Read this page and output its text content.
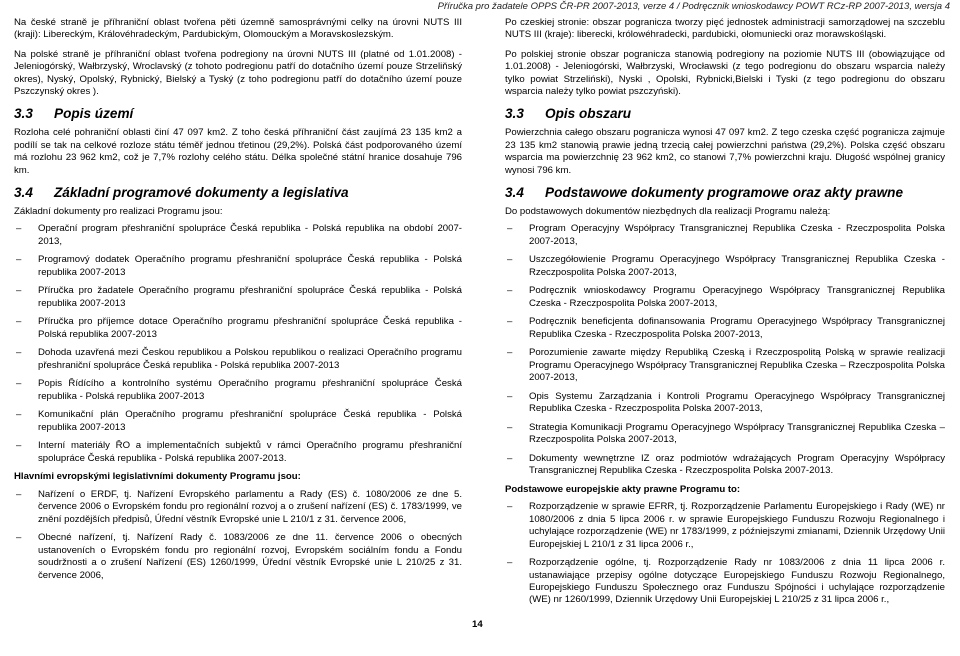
Příručka pro žadatele OPPS ČR-PR 2007-2013, verze 4 / Podręcznik wnioskodawcy POWT RCz-RP 2007-2013, wersja 4

Na české straně je příhraniční oblast tvořena pěti územně samosprávnými celky na úrovni NUTS III (kraji): Libereckým, Královéhradeckým, Pardubickým, Olomouckým a Moravskoslezským.

Na polské straně je příhraniční oblast tvořena podregiony na úrovni NUTS III (platné od 1.01.2008) - Jeleniogórský, Wałbrzyský, Wroclavský (z tohoto podregionu patří do dotačního území pouze Strzeliňský okres), Nyský, Opolský, Rybnický, Bielský a Tyský (z toho podregionu patří do dotačního území pouze Pszczynský okres ).

3.3 Popis území

Rozloha celé pohraniční oblasti činí 47 097 km2. Z toho česká příhraniční část zaujímá 23 135 km2 a podílí se tak na celkové rozloze státu téměř jednou třetinou (29,2%). Polská část podporovaného území má rozlohu 23 962 km2, což je 7,7% rozlohy celého státu. Délka společné státní hranice dosahuje 796 km.

3.4 Základní programové dokumenty a legislativa

Základní dokumenty pro realizaci Programu jsou:

– Operační program přeshraniční spolupráce Česká republika - Polská republika na období 2007-2013,
– Programový dodatek Operačního programu přeshraniční spolupráce Česká republika - Polská republika 2007-2013
– Příručka pro žadatele Operačního programu přeshraniční spolupráce Česká republika - Polská republika 2007-2013
– Příručka pro příjemce dotace Operačního programu přeshraniční spolupráce Česká republika - Polská republika 2007-2013
– Dohoda uzavřená mezi Českou republikou a Polskou republikou o realizaci Operačního programu přeshraniční spolupráce Česká republika - Polská republika 2007-2013
– Popis Řídícího a kontrolního systému Operačního programu přeshraniční spolupráce Česká republika - Polská republika 2007-2013
– Komunikační plán Operačního programu přeshraniční spolupráce Česká republika - Polská republika 2007-2013
– Interní materiály ŘO a implementačních subjektů v rámci Operačního programu přeshraniční spolupráce Česká republika - Polská republika 2007-2013.
Hlavními evropskými legislativními dokumenty Programu jsou:
– Nařízení o ERDF, tj. Nařízení Evropského parlamentu a Rady (ES) č. 1080/2006 ze dne 5. července 2006 o Evropském fondu pro regionální rozvoj a o zrušení nařízení (ES) č. 1783/1999, ve znění pozdějších předpisů, Úřední věstník Evropské unie L 210/1 z 31. července 2006,
– Obecné nařízení, tj. Nařízení Rady č. 1083/2006 ze dne 11. července 2006 o obecných ustanoveních o Evropském fondu pro regionální rozvoj, Evropském sociálním fondu a Fondu soudržnosti a o zrušení Nařízení (ES) 1260/1999, Úřední věstník Evropské unie L 210/25 z 31. července 2006,

Po czeskiej stronie: obszar pogranicza tworzy pięć jednostek administracji samorządowej na szczeblu NUTS III (kraje): liberecki, królowéhradecki, pardubicki, ołomuniecki oraz morawskośląski.

Po polskiej stronie obszar pogranicza stanowią podregiony na poziomie NUTS III (obowiązujące od 1.01.2008) - Jeleniogórski, Wałbrzyski, Wrocławski (z tego podregionu do obszaru wsparcia należy tylko powiat Strzeliński), Nyski , Opolski, Rybnicki,Bielski i Tyski (z tego podregionu do obszaru wsparcia należy tylko powiat pszczyński).

3.3 Opis obszaru

Powierzchnia całego obszaru pogranicza wynosi 47 097 km2. Z tego czeska część pogranicza zajmuje 23 135 km2 stanowią prawie jedną trzecią całej powierzchni państwa (29,2%). Polska część obszaru wsparcia ma powierzchnię 23 962 km2, co stanowi 7,7% powierzchni kraju. Długość wspólnej granicy wynosi 796 km.

3.4 Podstawowe dokumenty programowe oraz akty prawne

Do podstawowych dokumentów niezbędnych dla realizacji Programu należą:

– Program Operacyjny Współpracy Transgranicznej Republika Czeska - Rzeczpospolita Polska 2007-2013,
– Uszczegółowienie Programu Operacyjnego Współpracy Transgranicznej Republika Czeska - Rzeczpospolita Polska 2007-2013,
– Podręcznik wnioskodawcy Programu Operacyjnego Współpracy Transgranicznej Republika Czeska - Rzeczpospolita Polska 2007-2013,
– Podręcznik beneficjenta dofinansowania Programu Operacyjnego Współpracy Transgranicznej Republika Czeska - Rzeczpospolita Polska 2007-2013,
– Porozumienie zawarte między Republiką Czeską i Rzeczpospolitą Polską w sprawie realizacji Programu Operacyjnego Współpracy Transgranicznej Republika Czeska – Rzeczpospolita Polska 2007-2013,
– Opis Systemu Zarządzania i Kontroli Programu Operacyjnego Współpracy Transgranicznej Republika Czeska - Rzeczpospolita Polska 2007-2013,
– Strategia Komunikacji Programu Operacyjnego Współpracy Transgranicznej Republika Czeska – Rzeczpospolita Polska 2007-2013,
– Dokumenty wewnętrzne IZ oraz podmiotów wdrażających Program Operacyjny Współpracy Transgranicznej Republika Czeska - Rzeczpospolita Polska 2007-2013.
Podstawowe europejskie akty prawne Programu to:
– Rozporządzenie w sprawie EFRR, tj. Rozporządzenie Parlamentu Europejskiego i Rady (WE) nr 1080/2006 z dnia 5 lipca 2006 r. w sprawie Europejskiego Funduszu Rozwoju Regionalnego i uchylające rozporządzenie (WE) nr 1783/1999, z późniejszymi zmianami, Dziennik Urzędowy Unii Europejskiej L 210/1 z 31 lipca 2006 r.,
– Rozporządzenie ogólne, tj. Rozporządzenie Rady nr 1083/2006 z dnia 11 lipca 2006 r. ustanawiające przepisy ogólne dotyczące Europejskiego Funduszu Rozwoju Regionalnego, Europejskiego Funduszu Społecznego oraz Funduszu Spójności i uchylające rozporządzenie (WE) nr 1260/1999, Dziennik Urzędowy Unii Europejskiej L 210/25 z 31 lipca 2006 r.,
14
